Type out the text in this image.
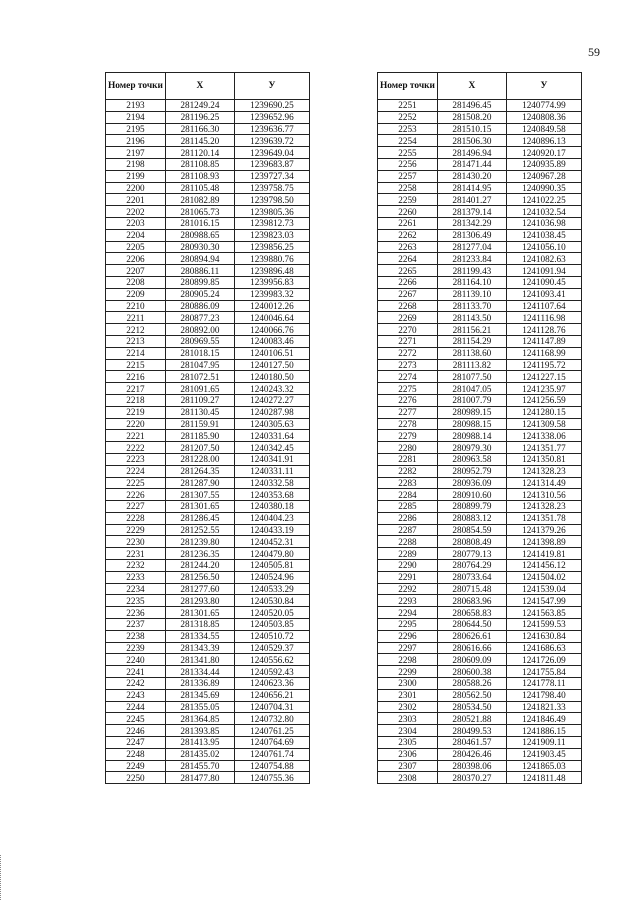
59
Номер точки	X	У
2193	281249.24	1239690.25
2194	281196.25	1239652.96
2195	281166.30	1239636.77
2196	281145.20	1239639.72
2197	281120.14	1239649.04
2198	281108.85	1239683.87
2199	281108.93	1239727.34
2200	281105.48	1239758.75
2201	281082.89	1239798.50
2202	281065.73	1239805.36
2203	281016.15	1239812.73
2204	280988.65	1239823.03
2205	280930.30	1239856.25
2206	280894.94	1239880.76
2207	280886.11	1239896.48
2208	280899.85	1239956.83
2209	280905.24	1239983.32
2210	280886.09	1240012.26
2211	280877.23	1240046.64
2212	280892.00	1240066.76
2213	280969.55	1240083.46
2214	281018.15	1240106.51
2215	281047.95	1240127.50
2216	281072.51	1240180.50
2217	281091.65	1240243.32
2218	281109.27	1240272.27
2219	281130.45	1240287.98
2220	281159.91	1240305.63
2221	281185.90	1240331.64
2222	281207.50	1240342.45
2223	281228.00	1240341.91
2224	281264.35	1240331.11
2225	281287.90	1240332.58
2226	281307.55	1240353.68
2227	281301.65	1240380.18
2228	281286.45	1240404.23
2229	281252.55	1240433.19
2230	281239.80	1240452.31
2231	281236.35	1240479.80
2232	281244.20	1240505.81
2233	281256.50	1240524.96
2234	281277.60	1240533.29
2235	281293.80	1240530.84
2236	281301.65	1240520.05
2237	281318.85	1240503.85
2238	281334.55	1240510.72
2239	281343.39	1240529.37
2240	281341.80	1240556.62
2241	281334.44	1240592.43
2242	281336.89	1240623.36
2243	281345.69	1240656.21
2244	281355.05	1240704.31
2245	281364.85	1240732.80
2246	281393.85	1240761.25
2247	281413.95	1240764.69
2248	281435.02	1240761.74
2249	281455.70	1240754.88
2250	281477.80	1240755.36
Номер точки	X	У
2251	281496.45	1240774.99
2252	281508.20	1240808.36
2253	281510.15	1240849.58
2254	281506.30	1240896.13
2255	281496.94	1240920.17
2256	281471.44	1240935.89
2257	281430.20	1240967.28
2258	281414.95	1240990.35
2259	281401.27	1241022.25
2260	281379.14	1241032.54
2261	281342.29	1241036.98
2262	281306.49	1241038.45
2263	281277.04	1241056.10
2264	281233.84	1241082.63
2265	281199.43	1241091.94
2266	281164.10	1241090.45
2267	281139.10	1241093.41
2268	281133.70	1241107.64
2269	281143.50	1241116.98
2270	281156.21	1241128.76
2271	281154.29	1241147.89
2272	281138.60	1241168.99
2273	281113.82	1241195.72
2274	281077.50	1241227.15
2275	281047.05	1241235.97
2276	281007.79	1241256.59
2277	280989.15	1241280.15
2278	280988.15	1241309.58
2279	280988.14	1241338.06
2280	280979.30	1241351.77
2281	280963.58	1241350.81
2282	280952.79	1241328.23
2283	280936.09	1241314.49
2284	280910.60	1241310.56
2285	280899.79	1241328.23
2286	280883.12	1241351.78
2287	280854.59	1241379.26
2288	280808.49	1241398.89
2289	280779.13	1241419.81
2290	280764.29	1241456.12
2291	280733.64	1241504.02
2292	280715.48	1241539.04
2293	280683.96	1241547.99
2294	280658.83	1241563.85
2295	280644.50	1241599.53
2296	280626.61	1241630.84
2297	280616.66	1241686.63
2298	280609.09	1241726.09
2299	280600.38	1241755.84
2300	280588.26	1241778.11
2301	280562.50	1241798.40
2302	280534.50	1241821.33
2303	280521.88	1241846.49
2304	280499.53	1241886.15
2305	280461.57	1241909.11
2306	280426.46	1241903.45
2307	280398.06	1241865.03
2308	280370.27	1241811.48
